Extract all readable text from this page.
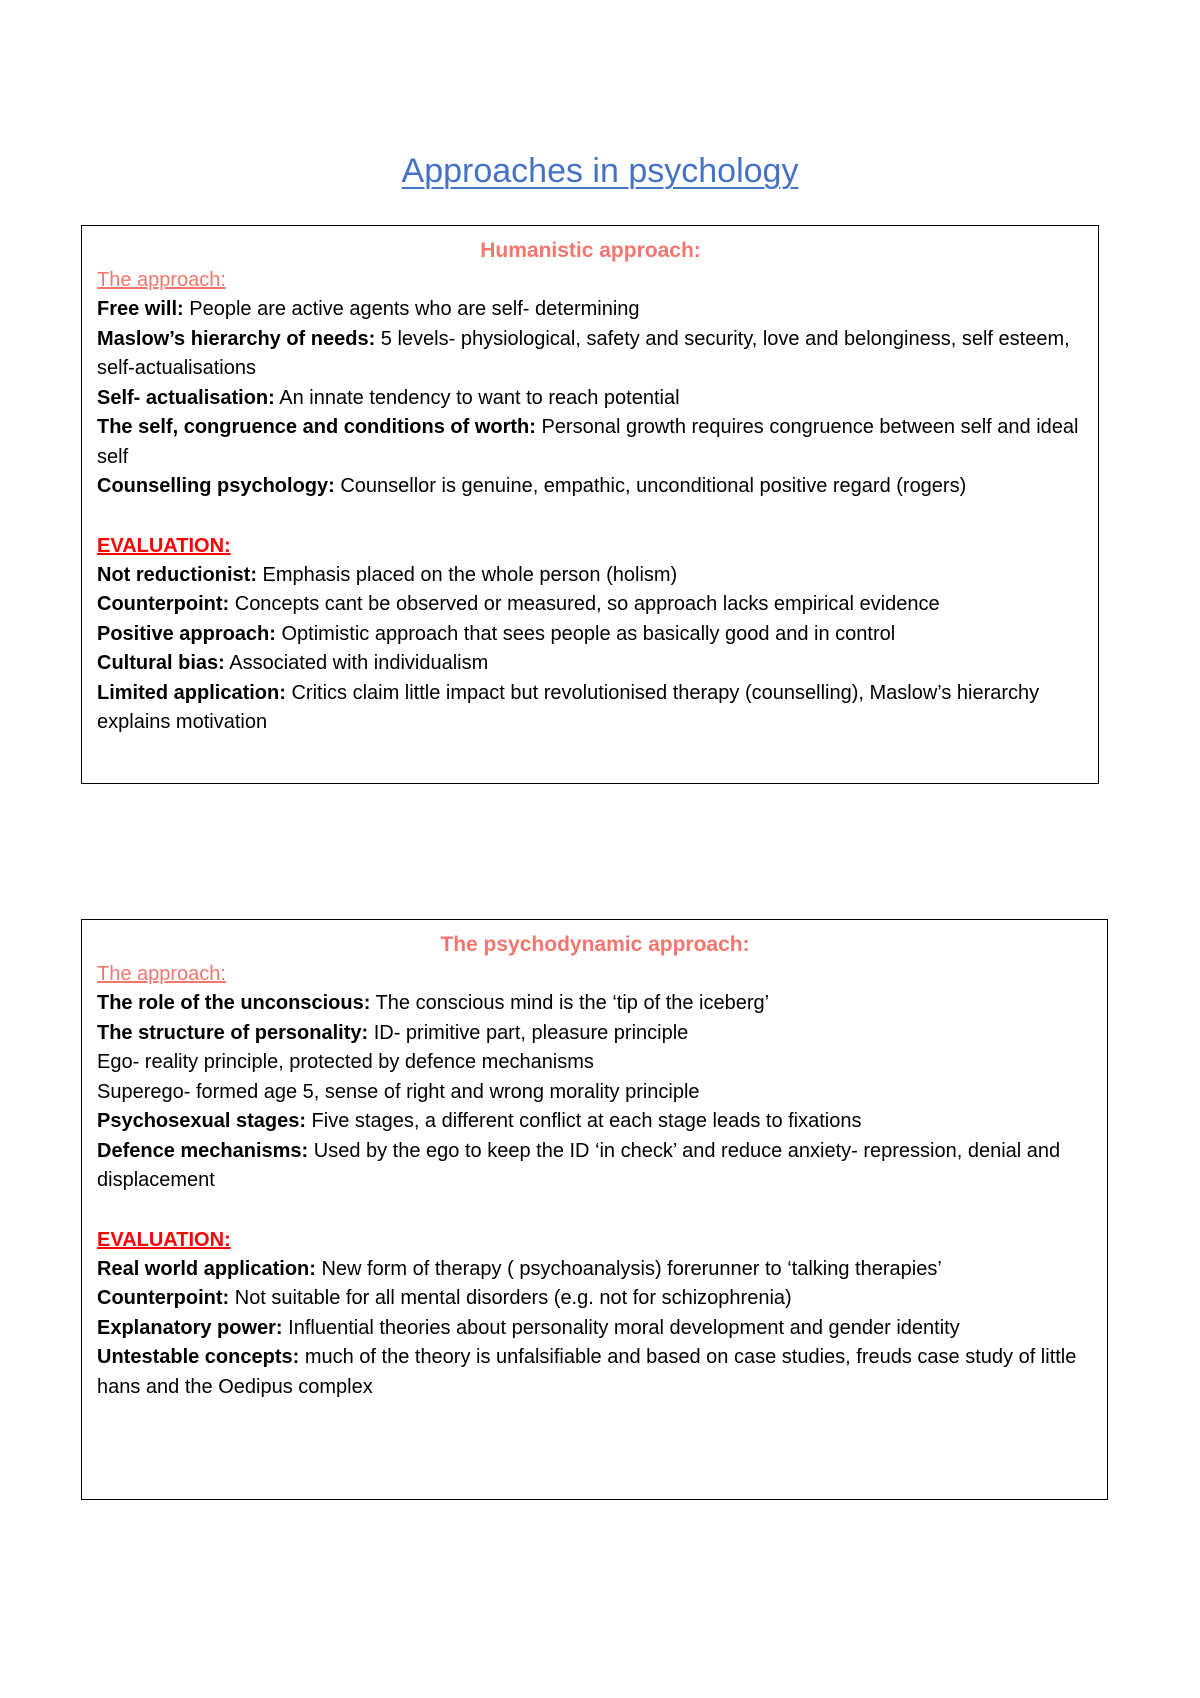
Approaches in psychology
Humanistic approach:
The approach:
Free will: People are active agents who are self- determining
Maslow’s hierarchy of needs: 5 levels- physiological, safety and security, love and belonginess, self esteem, self-actualisations
Self- actualisation: An innate tendency to want to reach potential
The self, congruence and conditions of worth: Personal growth requires congruence between self and ideal self
Counselling psychology: Counsellor is genuine, empathic, unconditional positive regard (rogers)
EVALUATION:
Not reductionist: Emphasis placed on the whole person (holism)
Counterpoint: Concepts cant be observed or measured, so approach lacks empirical evidence
Positive approach: Optimistic approach that sees people as basically good and in control
Cultural bias: Associated with individualism
Limited application: Critics claim little impact but revolutionised therapy (counselling), Maslow’s hierarchy explains motivation
The psychodynamic approach:
The approach:
The role of the unconscious: The conscious mind is the ‘tip of the iceberg’
The structure of personality: ID- primitive part, pleasure principle
Ego- reality principle, protected by defence mechanisms
Superego- formed age 5, sense of right and wrong morality principle
Psychosexual stages: Five stages, a different conflict at each stage leads to fixations
Defence mechanisms: Used by the ego to keep the ID ‘in check’ and reduce anxiety- repression, denial and displacement
EVALUATION:
Real world application: New form of therapy ( psychoanalysis) forerunner to ‘talking therapies’
Counterpoint: Not suitable for all mental disorders (e.g. not for schizophrenia)
Explanatory power: Influential theories about personality moral development and gender identity
Untestable concepts: much of the theory is unfalsifiable and based on case studies, freuds case study of little hans and the Oedipus complex
